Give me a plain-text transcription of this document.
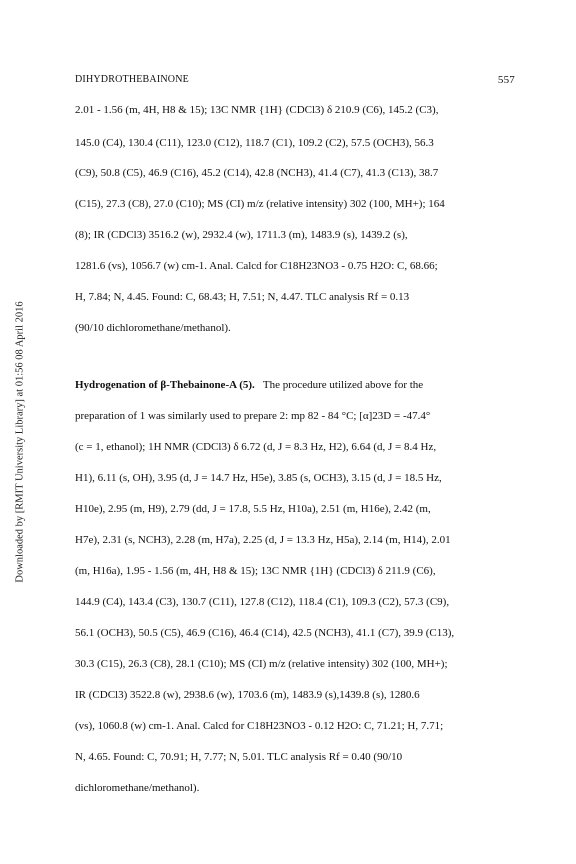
DIHYDROTHEBAINONE	557
Downloaded by [RMIT University Library] at 01:56 08 April 2016
2.01 - 1.56 (m, 4H, H8 & 15); 13C NMR {1H} (CDCl3) δ 210.9 (C6), 145.2 (C3),
145.0 (C4), 130.4 (C11), 123.0 (C12), 118.7 (C1), 109.2 (C2), 57.5 (OCH3), 56.3
(C9), 50.8 (C5), 46.9 (C16), 45.2 (C14), 42.8 (NCH3), 41.4 (C7), 41.3 (C13), 38.7
(C15), 27.3 (C8), 27.0 (C10); MS (CI) m/z (relative intensity) 302 (100, MH+); 164
(8); IR (CDCl3) 3516.2 (w), 2932.4 (w), 1711.3 (m), 1483.9 (s), 1439.2 (s),
1281.6 (vs), 1056.7 (w) cm-1. Anal. Calcd for C18H23NO3 - 0.75 H2O: C, 68.66;
H, 7.84; N, 4.45. Found: C, 68.43; H, 7.51; N, 4.47. TLC analysis Rf = 0.13
(90/10 dichloromethane/methanol).
Hydrogenation of β-Thebainone-A (5). The procedure utilized above for the
preparation of 1 was similarly used to prepare 2: mp 82 - 84 °C; [α]23D = -47.4°
(c = 1, ethanol); 1H NMR (CDCl3) δ 6.72 (d, J = 8.3 Hz, H2), 6.64 (d, J = 8.4 Hz,
H1), 6.11 (s, OH), 3.95 (d, J = 14.7 Hz, H5e), 3.85 (s, OCH3), 3.15 (d, J = 18.5 Hz,
H10e), 2.95 (m, H9), 2.79 (dd, J = 17.8, 5.5 Hz, H10a), 2.51 (m, H16e), 2.42 (m,
H7e), 2.31 (s, NCH3), 2.28 (m, H7a), 2.25 (d, J = 13.3 Hz, H5a), 2.14 (m, H14), 2.01
(m, H16a), 1.95 - 1.56 (m, 4H, H8 & 15); 13C NMR {1H} (CDCl3) δ 211.9 (C6),
144.9 (C4), 143.4 (C3), 130.7 (C11), 127.8 (C12), 118.4 (C1), 109.3 (C2), 57.3 (C9),
56.1 (OCH3), 50.5 (C5), 46.9 (C16), 46.4 (C14), 42.5 (NCH3), 41.1 (C7), 39.9 (C13),
30.3 (C15), 26.3 (C8), 28.1 (C10); MS (CI) m/z (relative intensity) 302 (100, MH+);
IR (CDCl3) 3522.8 (w), 2938.6 (w), 1703.6 (m), 1483.9 (s),1439.8 (s), 1280.6
(vs), 1060.8 (w) cm-1. Anal. Calcd for C18H23NO3 - 0.12 H2O: C, 71.21; H, 7.71;
N, 4.65. Found: C, 70.91; H, 7.77; N, 5.01. TLC analysis Rf = 0.40 (90/10
dichloromethane/methanol).
